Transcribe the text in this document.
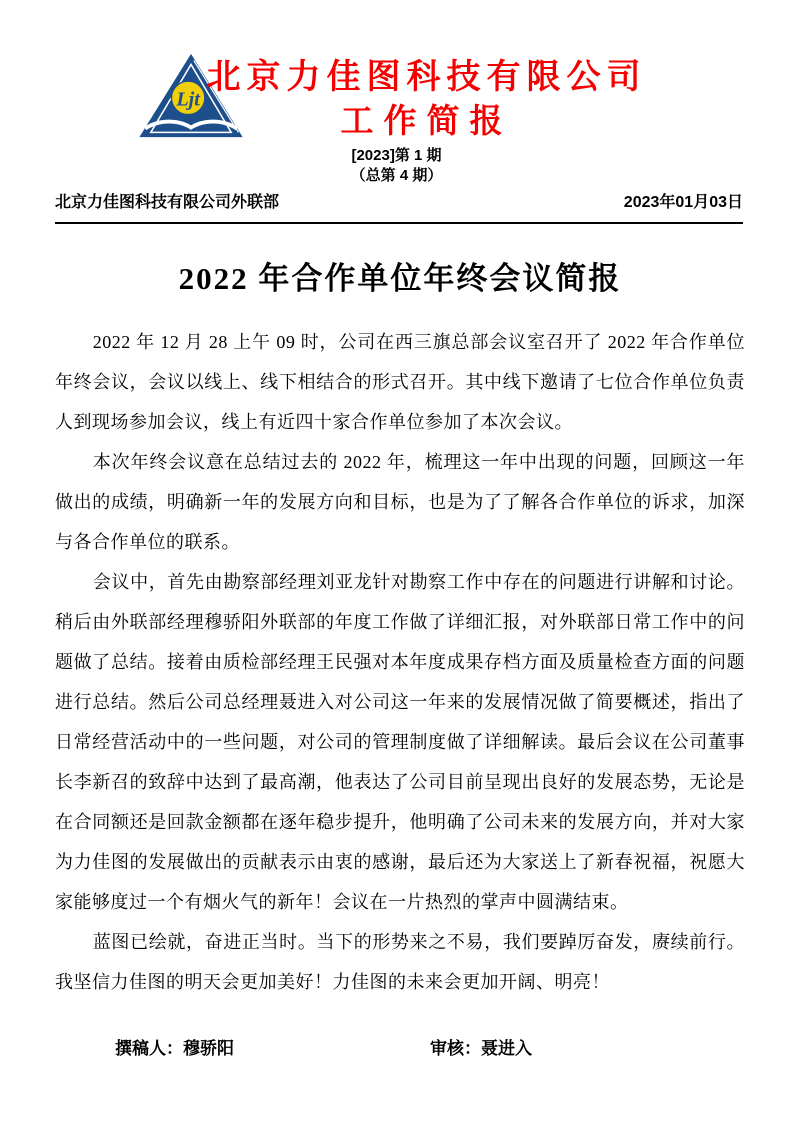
Ljt
北京力佳图科技有限公司
工作简报
[2023]第 1 期
（总第 4 期）
北京力佳图科技有限公司外联部	2023年01月03日
2022 年合作单位年终会议简报

2022 年 12 月 28 上午 09 时，公司在西三旗总部会议室召开了 2022 年合作单位年终会议，会议以线上、线下相结合的形式召开。其中线下邀请了七位合作单位负责人到现场参加会议，线上有近四十家合作单位参加了本次会议。

本次年终会议意在总结过去的 2022 年，梳理这一年中出现的问题，回顾这一年做出的成绩，明确新一年的发展方向和目标，也是为了了解各合作单位的诉求，加深与各合作单位的联系。

会议中，首先由勘察部经理刘亚龙针对勘察工作中存在的问题进行讲解和讨论。稍后由外联部经理穆骄阳外联部的年度工作做了详细汇报，对外联部日常工作中的问题做了总结。接着由质检部经理王民强对本年度成果存档方面及质量检查方面的问题进行总结。然后公司总经理聂进入对公司这一年来的发展情况做了简要概述，指出了日常经营活动中的一些问题，对公司的管理制度做了详细解读。最后会议在公司董事长李新召的致辞中达到了最高潮，他表达了公司目前呈现出良好的发展态势，无论是在合同额还是回款金额都在逐年稳步提升，他明确了公司未来的发展方向，并对大家为力佳图的发展做出的贡献表示由衷的感谢，最后还为大家送上了新春祝福，祝愿大家能够度过一个有烟火气的新年！会议在一片热烈的掌声中圆满结束。

蓝图已绘就，奋进正当时。当下的形势来之不易，我们要踔厉奋发，赓续前行。我坚信力佳图的明天会更加美好！力佳图的未来会更加开阔、明亮！

撰稿人：穆骄阳	审核：聂进入
